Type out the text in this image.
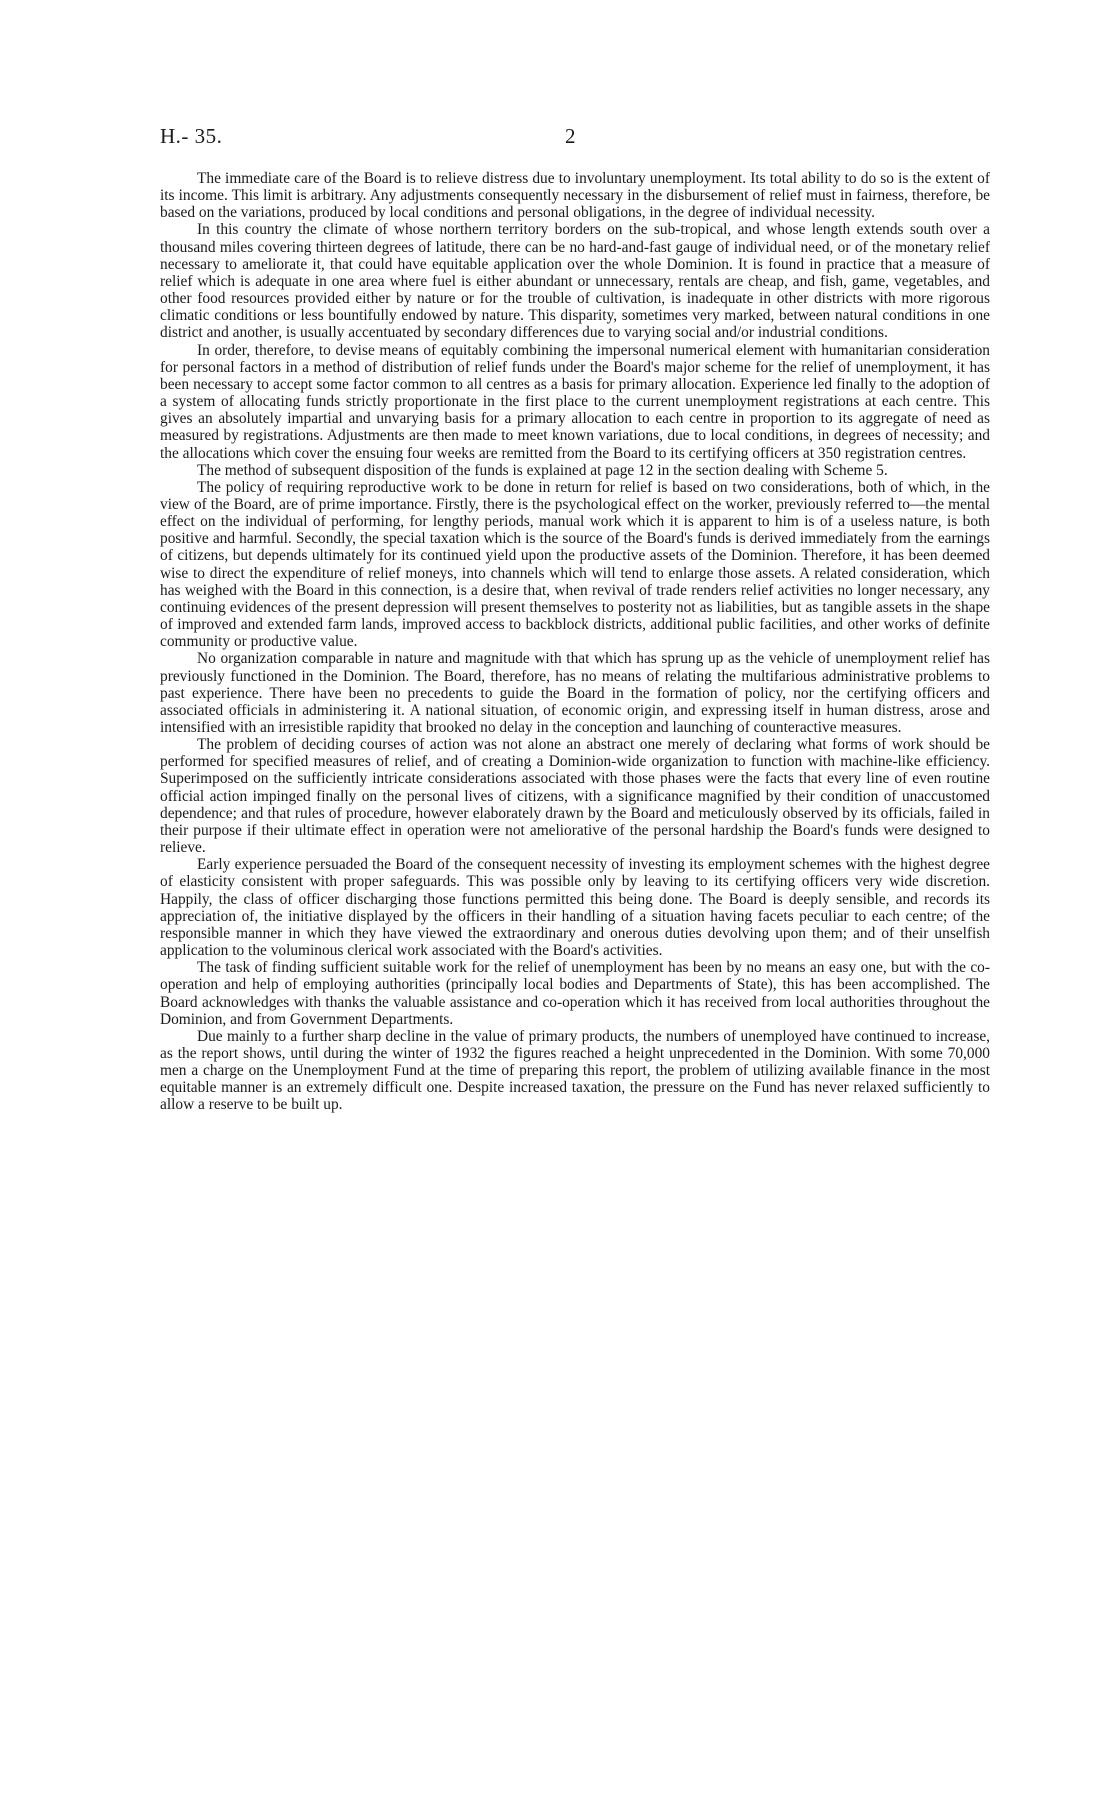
H.- 35.	2

The immediate care of the Board is to relieve distress due to involuntary unemployment. Its total ability to do so is the extent of its income. This limit is arbitrary. Any adjustments consequently necessary in the disbursement of relief must in fairness, therefore, be based on the variations, produced by local conditions and personal obligations, in the degree of individual necessity.

In this country the climate of whose northern territory borders on the sub-tropical, and whose length extends south over a thousand miles covering thirteen degrees of latitude, there can be no hard-and-fast gauge of individual need, or of the monetary relief necessary to ameliorate it, that could have equitable application over the whole Dominion. It is found in practice that a measure of relief which is adequate in one area where fuel is either abundant or unnecessary, rentals are cheap, and fish, game, vegetables, and other food resources provided either by nature or for the trouble of cultivation, is inadequate in other districts with more rigorous climatic conditions or less bountifully endowed by nature. This disparity, sometimes very marked, between natural conditions in one district and another, is usually accentuated by secondary differences due to varying social and/or industrial conditions.

In order, therefore, to devise means of equitably combining the impersonal numerical element with humanitarian consideration for personal factors in a method of distribution of relief funds under the Board's major scheme for the relief of unemployment, it has been necessary to accept some factor common to all centres as a basis for primary allocation. Experience led finally to the adoption of a system of allocating funds strictly proportionate in the first place to the current unemployment registrations at each centre. This gives an absolutely impartial and unvarying basis for a primary allocation to each centre in proportion to its aggregate of need as measured by registrations. Adjustments are then made to meet known variations, due to local conditions, in degrees of necessity; and the allocations which cover the ensuing four weeks are remitted from the Board to its certifying officers at 350 registration centres.

The method of subsequent disposition of the funds is explained at page 12 in the section dealing with Scheme 5.

The policy of requiring reproductive work to be done in return for relief is based on two considerations, both of which, in the view of the Board, are of prime importance. Firstly, there is the psychological effect on the worker, previously referred to—the mental effect on the individual of performing, for lengthy periods, manual work which it is apparent to him is of a useless nature, is both positive and harmful. Secondly, the special taxation which is the source of the Board's funds is derived immediately from the earnings of citizens, but depends ultimately for its continued yield upon the productive assets of the Dominion. Therefore, it has been deemed wise to direct the expenditure of relief moneys, into channels which will tend to enlarge those assets. A related consideration, which has weighed with the Board in this connection, is a desire that, when revival of trade renders relief activities no longer necessary, any continuing evidences of the present depression will present themselves to posterity not as liabilities, but as tangible assets in the shape of improved and extended farm lands, improved access to backblock districts, additional public facilities, and other works of definite community or productive value.

No organization comparable in nature and magnitude with that which has sprung up as the vehicle of unemployment relief has previously functioned in the Dominion. The Board, therefore, has no means of relating the multifarious administrative problems to past experience. There have been no precedents to guide the Board in the formation of policy, nor the certifying officers and associated officials in administering it. A national situation, of economic origin, and expressing itself in human distress, arose and intensified with an irresistible rapidity that brooked no delay in the conception and launching of counteractive measures.

The problem of deciding courses of action was not alone an abstract one merely of declaring what forms of work should be performed for specified measures of relief, and of creating a Dominion-wide organization to function with machine-like efficiency. Superimposed on the sufficiently intricate considerations associated with those phases were the facts that every line of even routine official action impinged finally on the personal lives of citizens, with a significance magnified by their condition of unaccustomed dependence; and that rules of procedure, however elaborately drawn by the Board and meticulously observed by its officials, failed in their purpose if their ultimate effect in operation were not ameliorative of the personal hardship the Board's funds were designed to relieve.

Early experience persuaded the Board of the consequent necessity of investing its employment schemes with the highest degree of elasticity consistent with proper safeguards. This was possible only by leaving to its certifying officers very wide discretion. Happily, the class of officer discharging those functions permitted this being done. The Board is deeply sensible, and records its appreciation of, the initiative displayed by the officers in their handling of a situation having facets peculiar to each centre; of the responsible manner in which they have viewed the extraordinary and onerous duties devolving upon them; and of their unselfish application to the voluminous clerical work associated with the Board's activities.

The task of finding sufficient suitable work for the relief of unemployment has been by no means an easy one, but with the co-operation and help of employing authorities (principally local bodies and Departments of State), this has been accomplished. The Board acknowledges with thanks the valuable assistance and co-operation which it has received from local authorities throughout the Dominion, and from Government Departments.

Due mainly to a further sharp decline in the value of primary products, the numbers of unemployed have continued to increase, as the report shows, until during the winter of 1932 the figures reached a height unprecedented in the Dominion. With some 70,000 men a charge on the Unemployment Fund at the time of preparing this report, the problem of utilizing available finance in the most equitable manner is an extremely difficult one. Despite increased taxation, the pressure on the Fund has never relaxed sufficiently to allow a reserve to be built up.
